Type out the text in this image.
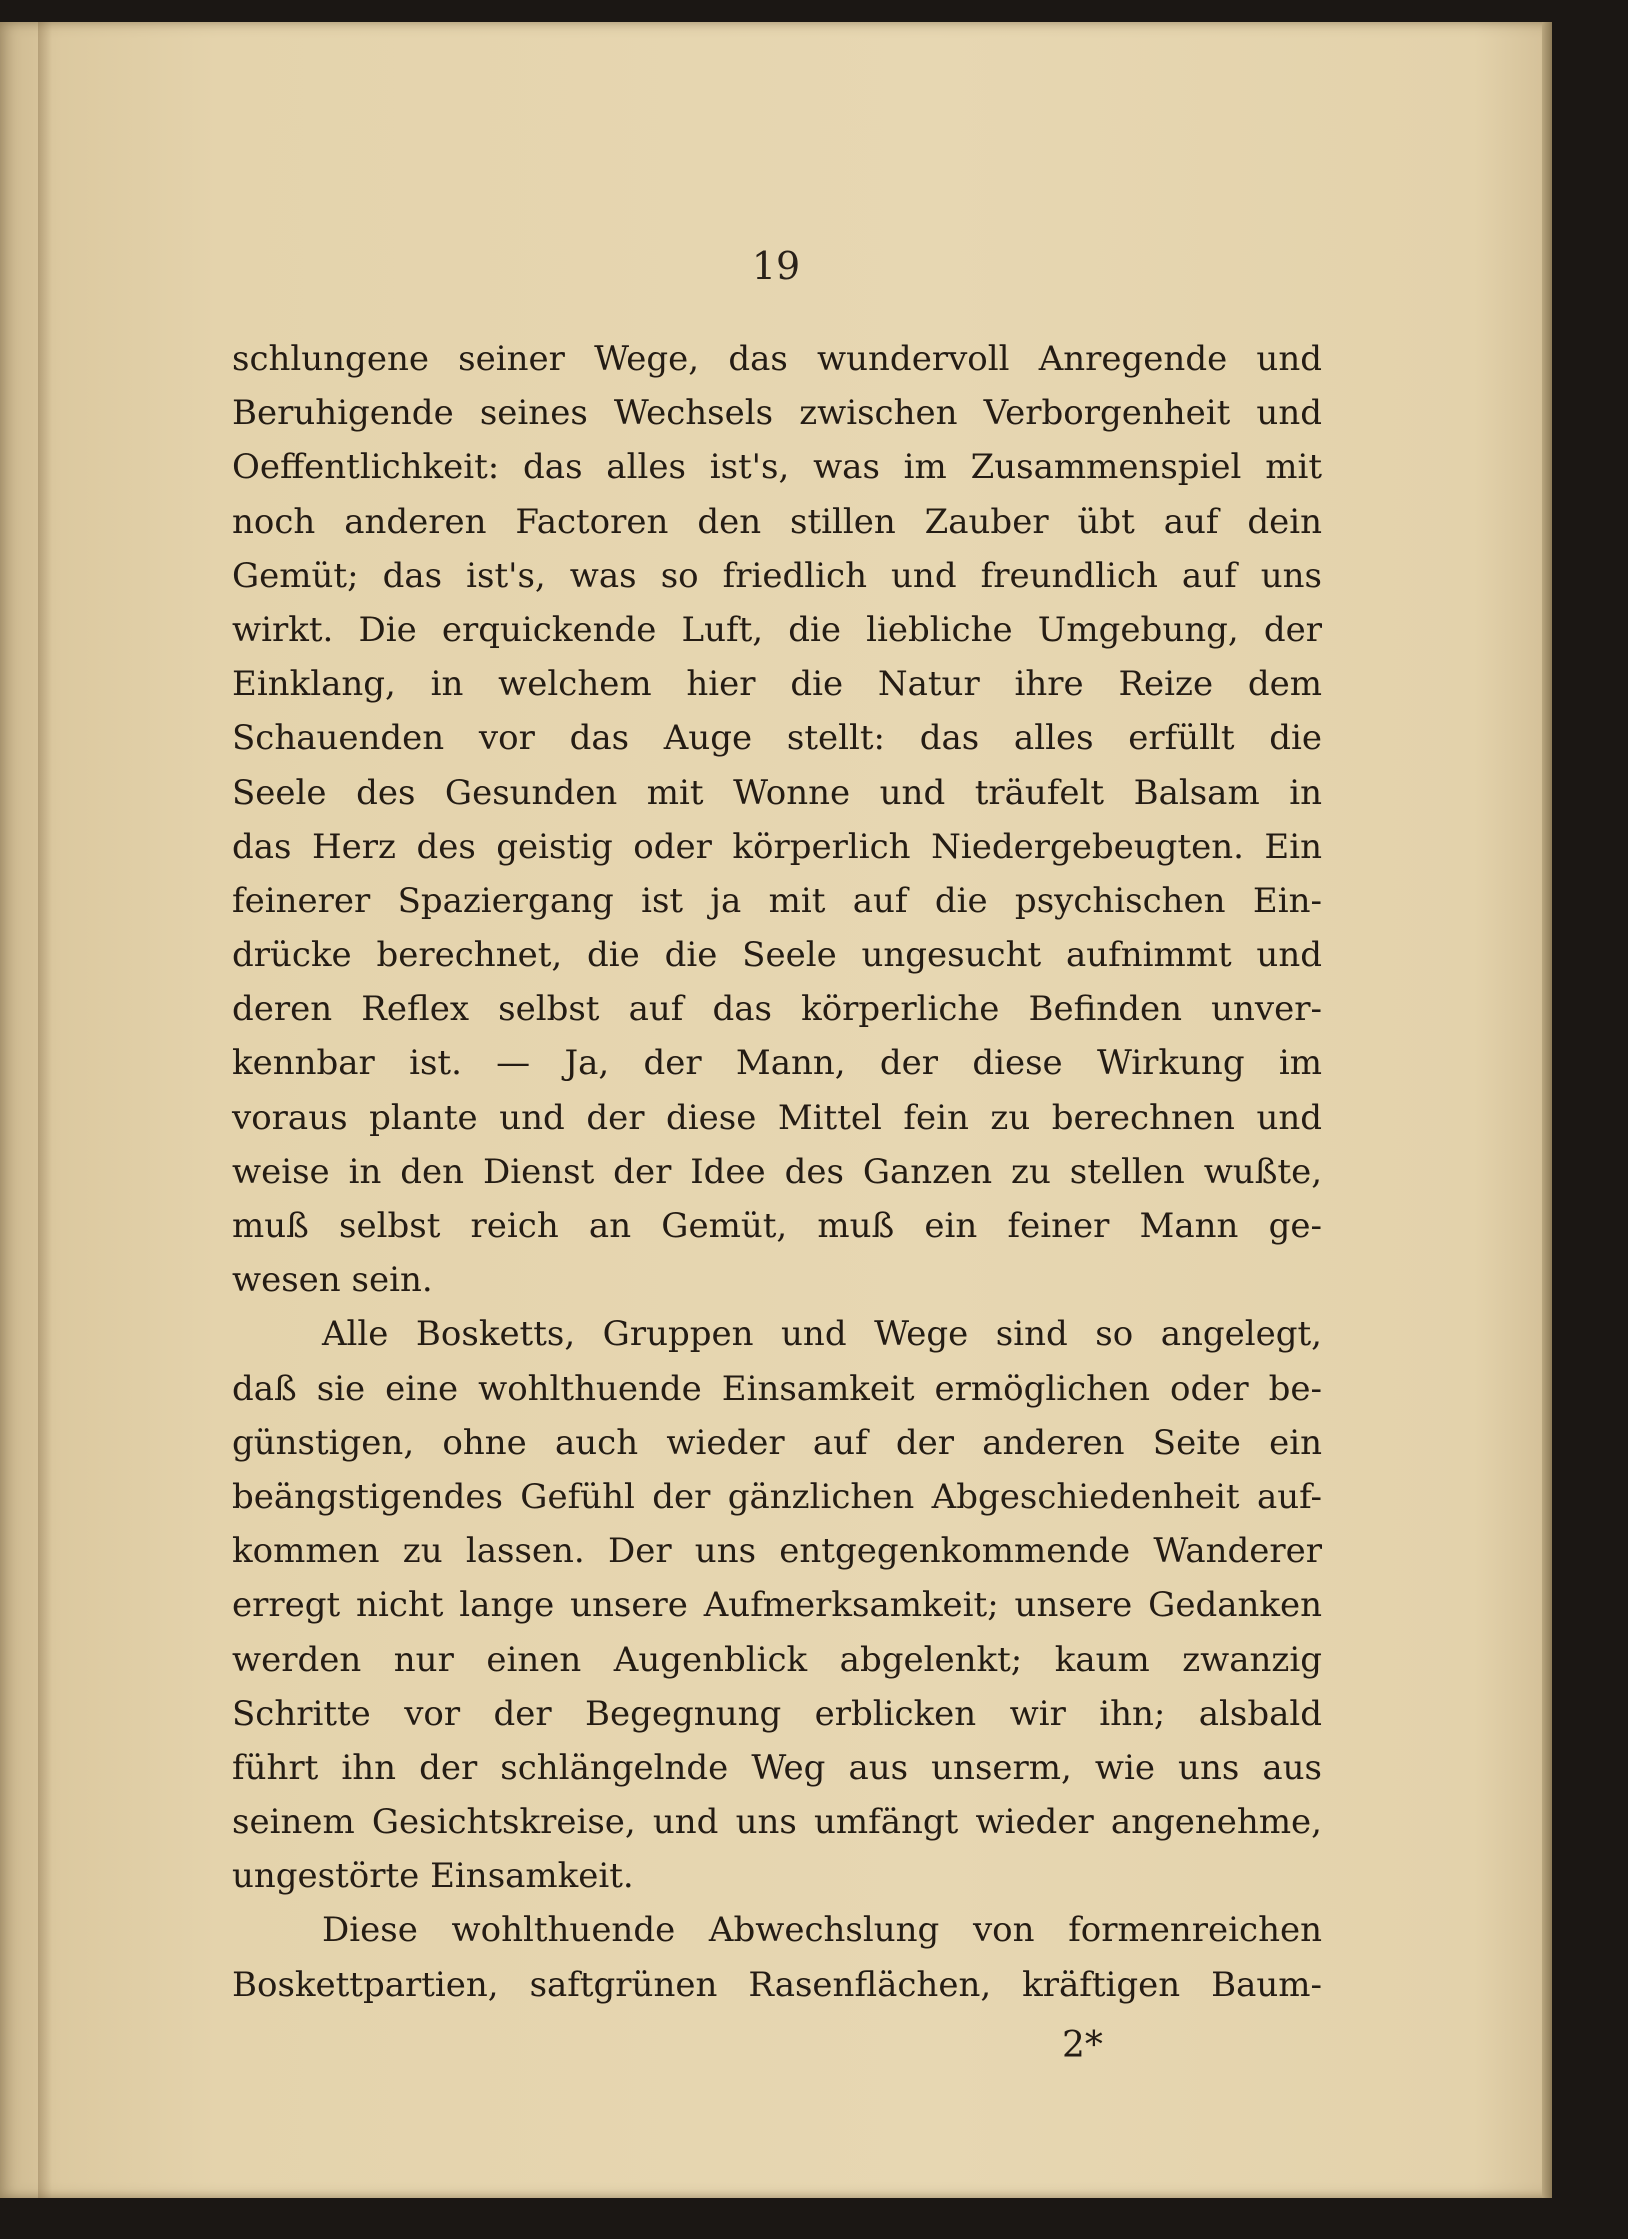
19
schlungene seiner Wege, das wundervoll Anregende und
Beruhigende seines Wechsels zwischen Verborgenheit und
Oeffentlichkeit: das alles ist's, was im Zusammenspiel mit
noch anderen Factoren den stillen Zauber übt auf dein
Gemüt; das ist's, was so friedlich und freundlich auf uns
wirkt. Die erquickende Luft, die liebliche Umgebung, der
Einklang, in welchem hier die Natur ihre Reize dem
Schauenden vor das Auge stellt: das alles erfüllt die
Seele des Gesunden mit Wonne und träufelt Balsam in
das Herz des geistig oder körperlich Niedergebeugten. Ein
feinerer Spaziergang ist ja mit auf die psychischen Ein-
drücke berechnet, die die Seele ungesucht aufnimmt und
deren Reflex selbst auf das körperliche Befinden unver-
kennbar ist. — Ja, der Mann, der diese Wirkung im
voraus plante und der diese Mittel fein zu berechnen und
weise in den Dienst der Idee des Ganzen zu stellen wußte,
muß selbst reich an Gemüt, muß ein feiner Mann ge-
wesen sein.
Alle Bosketts, Gruppen und Wege sind so angelegt,
daß sie eine wohlthuende Einsamkeit ermöglichen oder be-
günstigen, ohne auch wieder auf der anderen Seite ein
beängstigendes Gefühl der gänzlichen Abgeschiedenheit auf-
kommen zu lassen. Der uns entgegenkommende Wanderer
erregt nicht lange unsere Aufmerksamkeit; unsere Gedanken
werden nur einen Augenblick abgelenkt; kaum zwanzig
Schritte vor der Begegnung erblicken wir ihn; alsbald
führt ihn der schlängelnde Weg aus unserm, wie uns aus
seinem Gesichtskreise, und uns umfängt wieder angenehme,
ungestörte Einsamkeit.
Diese wohlthuende Abwechslung von formenreichen
Boskettpartien, saftgrünen Rasenflächen, kräftigen Baum-
2*
